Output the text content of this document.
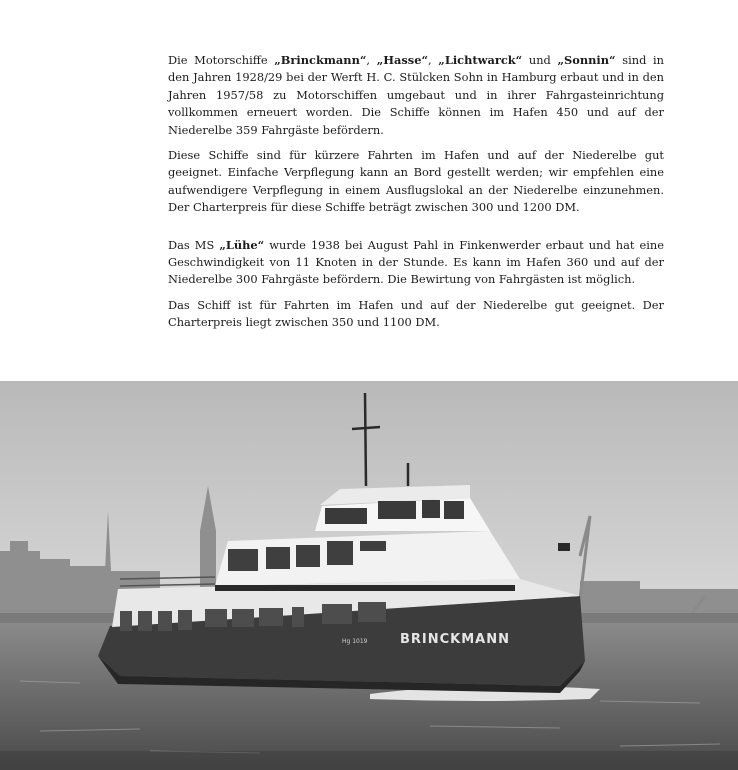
Die Motorschiffe „Brinckmann“, „Hasse“, „Lichtwarck“ und „Sonnin“ sind in den Jahren 1928/29 bei der Werft H. C. Stülcken Sohn in Hamburg erbaut und in den Jahren 1957/58 zu Motorschiffen umgebaut und in ihrer Fahrgasteinrichtung vollkommen erneuert worden. Die Schiffe können im Hafen 450 und auf der Niederelbe 359 Fahrgäste befördern.

Diese Schiffe sind für kürzere Fahrten im Hafen und auf der Niederelbe gut geeignet. Einfache Verpflegung kann an Bord gestellt werden; wir empfehlen eine aufwendigere Verpflegung in einem Ausflugslokal an der Niederelbe einzunehmen. Der Charterpreis für diese Schiffe beträgt zwischen 300 und 1200 DM.

Das MS „Lühe“ wurde 1938 bei August Pahl in Finkenwerder erbaut und hat eine Geschwindigkeit von 11 Knoten in der Stunde. Es kann im Hafen 360 und auf der Niederelbe 300 Fahrgäste befördern. Die Bewirtung von Fahrgästen ist möglich.

Das Schiff ist für Fahrten im Hafen und auf der Niederelbe gut geeignet. Der Charterpreis liegt zwischen 350 und 1100 DM.

BRINCKMANN
Hg 1019
